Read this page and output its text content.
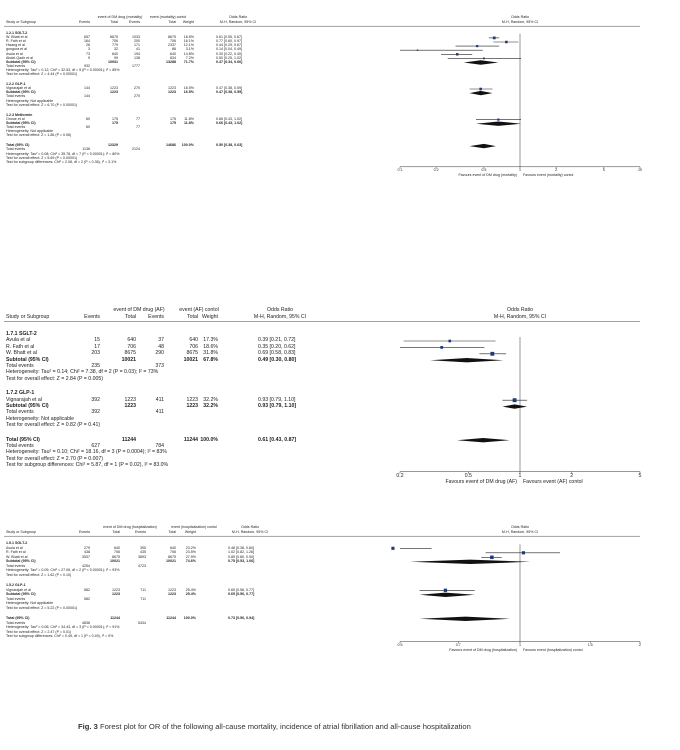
event of DM drug (mortality) event (mortality) contol	Odds Ratio	Odds Ratio
Study or Subgroup	Events	Total	Events	Total Weight	M-H, Random, 95% CI	M-H, Random, 95% CI
1.2.1 SGLT-2
W. Bhatt et al	657	8675	1033	8675 18.5%	0.61 [0.55, 0.67]
R. Fath et al	164	706	200	706 16.1%	0.77 [0.60, 0.97]
Hwang et al	26	779	171	2337 12.1%	0.44 [0.29, 0.67]
gongora et al	3	32	41	86	3.1%	0.14 [0.04, 0.49]
Avula et al	73	640	194	640 14.8%	0.30 [0.22, 0.40]
Abdel-Qadir et al	9	99	138	834	7.2%	0.50 [0.25, 1.02]
Subtotal (95% CI)	10931	13288 71.7%	0.47 [0.34, 0.66]
Total events	932	1777
Heterogeneity: Tau² = 0.12; Chi² = 32.53, df = 5 (P < 0.00001); I² = 85%
Test for overall effect: Z = 4.44 (P < 0.00001)
1.2.2 GLP-1
Vignarajah et al	144	1223	270	1223 16.5%	0.47 [0.38, 0.59]
Subtotal (95% CI)	1223	1223 16.5%	0.47 [0.38, 0.59]
Total events	144	270
Heterogeneity: Not applicable
Test for overall effect: Z = 6.70 (P < 0.00001)
1.2.3 Metformin
Onoue et al	60	175	77	175 11.8%	0.66 [0.43, 1.02]
Subtotal (95% CI)	175	175 11.8%	0.66 [0.43, 1.02]
Total events	60	77
Heterogeneity: Not applicable
Test for overall effect: Z = 1.86 (P = 0.06)
Total (95% CI)	12329	14686 100.0%	0.50 [0.38, 0.63]
Total events	1136	2124
Heterogeneity: Tau² = 0.08; Chi² = 35.78, df = 7 (P < 0.00001); I² = 80%
Test for overall effect: Z = 5.69 (P < 0.00001)
Test for subgroup differences: Chi² = 2.08, df = 2 (P = 0.36), I² = 3.1%
0.1	0.2	0.5	1	2	5	10
Favours event of DM drug (mortality) Favours event (mortality) contol
event of DM drug (AF)	event (AF) contol	Odds Ratio	Odds Ratio
Study or Subgroup	Events	Total Events	Total Weight	M-H, Random, 95% CI	M-H, Random, 95% CI
1.7.1 SGLT-2
Avula et al	15	640	37	640 17.3%	0.39 [0.21, 0.72]
R. Fath et al	17	706	48	706 18.6%	0.35 [0.20, 0.62]
W. Bhatt et al	203	8675	290	8675 31.8%	0.69 [0.58, 0.83]
Subtotal (95% CI)	10021	10021 67.8%	0.49 [0.30, 0.80]
Total events	235	373
Heterogeneity: Tau² = 0.14; Chi² = 7.38, df = 2 (P = 0.03); I² = 73%
Test for overall effect: Z = 2.84 (P = 0.005)
1.7.2 GLP-1
Vignarajah et al	392	1223	411	1223 32.2%	0.93 [0.79, 1.10]
Subtotal (95% CI)	1223	1223 32.2%	0.93 [0.79, 1.10]
Total events	392	411
Heterogeneity: Not applicable
Test for overall effect: Z = 0.82 (P = 0.41)
Total (95% CI)	11244	11244 100.0%	0.61 [0.43, 0.87]
Total events	627	784
Heterogeneity: Tau² = 0.10; Chi² = 18.16, df = 3 (P = 0.0004); I² = 83%
Test for overall effect: Z = 2.70 (P = 0.007)
Test for subgroup differences: Chi² = 5.87, df = 1 (P = 0.02), I² = 83.0%
0.2	0.5	1	2	5
Favours event of DM drug (AF) Favours event (AF) contol
event of DM drug (hospitalization)	event (hospitalization) contol	Odds Ratio	Odds Ratio
Study or Subgroup	Events	Total	Events	Total Weight	M-H, Random, 95% CI	M-H, Random, 95% CI
1.5.1 SGLT-2
Avula et al	279	640	395	640	23.2%	0.48 [0.38, 0.60]
R. Fath et al	438	706	435	706	23.5%	1.02 [0.82, 1.26]
W. Bhatt et al	3537	8675	3893	8675	27.9%	0.85 [0.80, 0.90]
Subtotal (95% CI)	10021	10021	74.6%	0.75 [0.53, 1.06]
Total events	4254	4723
Heterogeneity: Tau² = 0.09; Chi² = 27.06, df = 2 (P < 0.00001); I² = 93%
Test for overall effect: Z = 1.62 (P = 0.10)
1.5.2 GLP-1
Vignarajah et al	582	1223	711	1223	25.4%	0.65 [0.56, 0.77]
Subtotal (95% CI)	1223	1223	25.4%	0.65 [0.56, 0.77]
Total events	582	711
Heterogeneity: Not applicable
Test for overall effect: Z = 5.22 (P < 0.00001)
Total (95% CI)	11244	11244 100.0%	0.73 [0.56, 0.94]
Total events	4836	5434
Heterogeneity: Tau² = 0.06; Chi² = 34.43, df = 3 (P < 0.00001); I² = 91%
Test for overall effect: Z = 2.47 (P = 0.01)
Test for subgroup differences: Chi² = 0.49, df = 1 (P = 0.49), I² = 0%
0.5	0.7	1	1.5	2
Favours event of DM drug (hospitalization) Favours event (hospitalization) contol
Fig. 3 Forest plot for OR of the following all-cause mortality, incidence of atrial fibrillation and all-cause hospitalization
